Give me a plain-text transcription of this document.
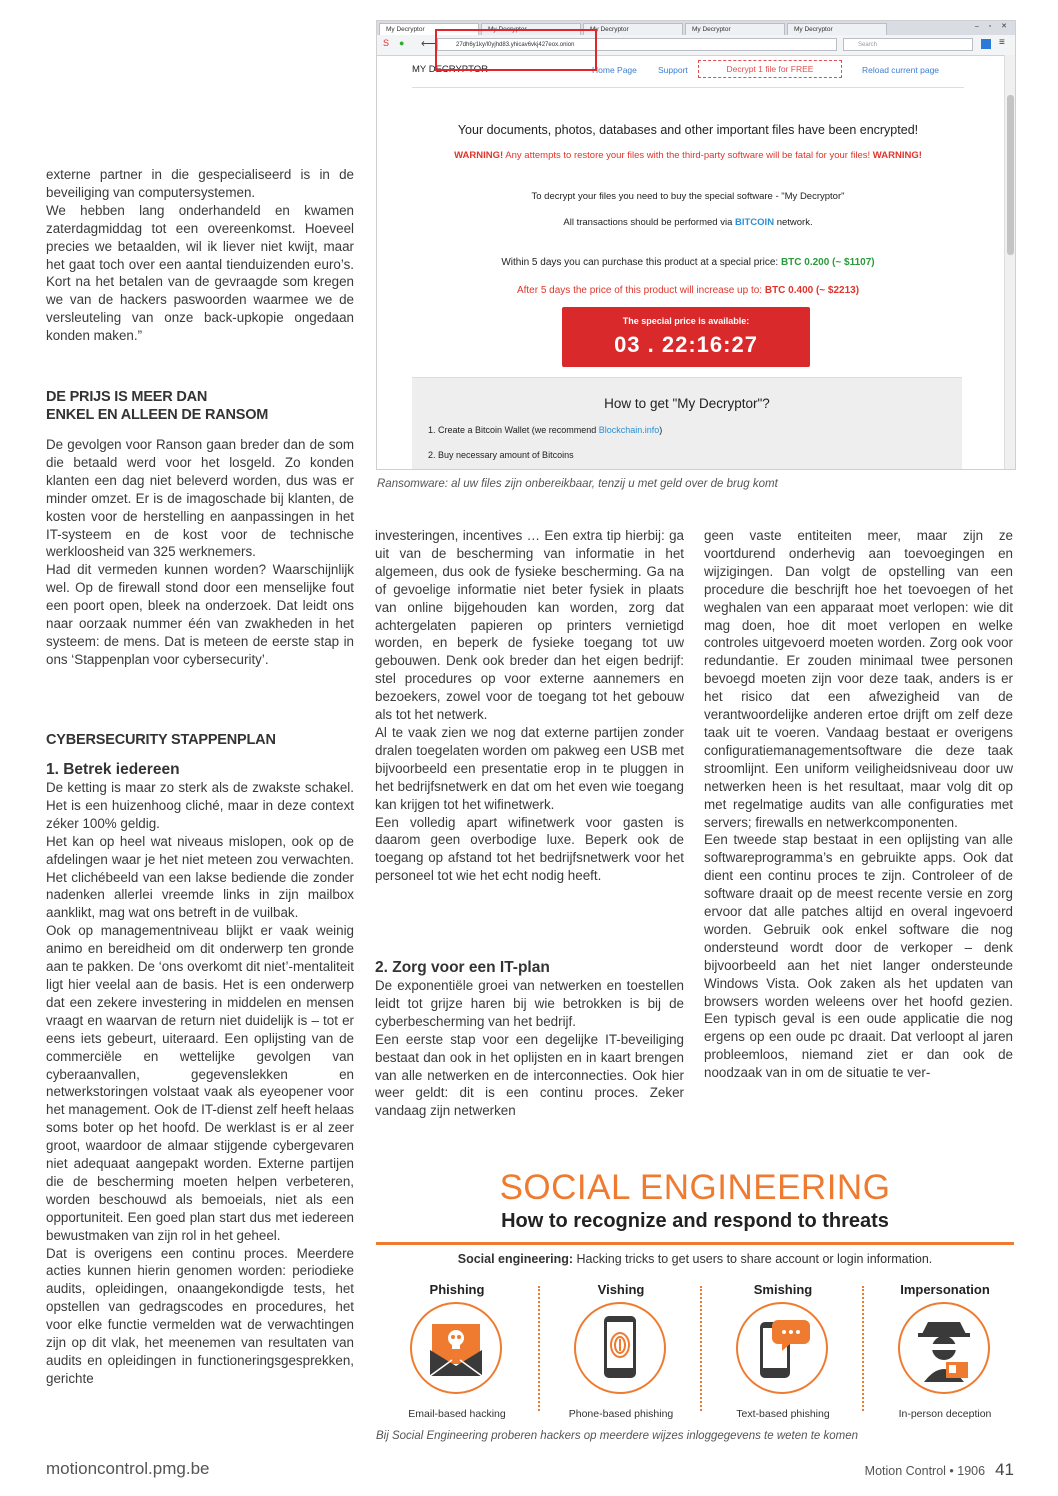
My Decryptor	My Decryptor	My Decryptor	My Decryptor	My Decryptor	– ▫ ✕
S ● ⟵	27dh6y1ky/l0yjhd83.yhicav6vkj427eox.onion	Search	≡
MY DECRYPTOR	Home Page Support	Decrypt 1 file for FREE	Reload current page
Your documents, photos, databases and other important files have been encrypted!
WARNING! Any attempts to restore your files with the third-party software will be fatal for your files! WARNING!
To decrypt your files you need to buy the special software - "My Decryptor"
All transactions should be performed via BITCOIN network.
Within 5 days you can purchase this product at a special price: BTC 0.200 (~ $1107)
After 5 days the price of this product will increase up to: BTC 0.400 (~ $2213)
The special price is available:
03 . 22:16:27
How to get "My Decryptor"?
1. Create a Bitcoin Wallet (we recommend Blockchain.info)
2. Buy necessary amount of Bitcoins
Ransomware: al uw files zijn onbereikbaar, tenzij u met geld over de brug komt

externe partner in die gespecialiseerd is in de beveiliging van computersystemen.

We hebben lang onderhandeld en kwamen zaterdagmiddag tot een overeenkomst. Hoeveel precies we betaalden, wil ik liever niet kwijt, maar het gaat toch over een aantal tienduizenden euro’s. Kort na het betalen van de gevraagde som kregen we van de hackers paswoorden waarmee we de versleuteling van onze back-upkopie ongedaan konden maken.”

DE PRIJS IS MEER DAN
ENKEL EN ALLEEN DE RANSOM

De gevolgen voor Ranson gaan breder dan de som die betaald werd voor het losgeld. Zo konden klanten een dag niet beleverd worden, dus was er minder omzet. Er is de imagoschade bij klanten, de kosten voor de herstelling en aanpassingen in het IT-systeem en de kost voor de technische werkloosheid van 325 werknemers.

Had dit vermeden kunnen worden? Waarschijnlijk wel. Op de firewall stond door een menselijke fout een poort open, bleek na onderzoek. Dat leidt ons naar oorzaak nummer één van zwakheden in het systeem: de mens. Dat is meteen de eerste stap in ons ‘Stappenplan voor cybersecurity’.

CYBERSECURITY STAPPENPLAN
1. Betrek iedereen

De ketting is maar zo sterk als de zwakste schakel. Het is een huizenhoog cliché, maar in deze context zéker 100% geldig.

Het kan op heel wat niveaus mislopen, ook op de afdelingen waar je het niet meteen zou verwachten. Het clichébeeld van een lakse bediende die zonder nadenken allerlei vreemde links in zijn mailbox aanklikt, mag wat ons betreft in de vuilbak.

Ook op managementniveau blijkt er vaak weinig animo en bereidheid om dit onderwerp ten gronde aan te pakken. De ‘ons overkomt dit niet’-mentaliteit ligt hier veelal aan de basis. Het is een onderwerp dat een zekere investering in middelen en mensen vraagt en waarvan de return niet duidelijk is – tot er eens iets gebeurt, uiteraard. Een oplijsting van de commerciële en wettelijke gevolgen van cyberaanvallen, gegevenslekken en netwerkstoringen volstaat vaak als eyeopener voor het management. Ook de IT-dienst zelf heeft helaas soms boter op het hoofd. De werklast is er al zeer groot, waardoor de almaar stijgende cybergevaren niet adequaat aangepakt worden. Externe partijen die de bescherming moeten helpen verbeteren, worden beschouwd als bemoeials, niet als een opportuniteit. Een goed plan start dus met iedereen bewustmaken van zijn rol in het geheel.

Dat is overigens een continu proces. Meerdere acties kunnen hierin genomen worden: periodieke audits, opleidingen, onaangekondigde tests, het opstellen van gedragscodes en procedures, het voor elke functie vermelden wat de verwachtingen zijn op dit vlak, het meenemen van resultaten van audits en opleidingen in functioneringsgesprekken, gerichte

investeringen, incentives … Een extra tip hierbij: ga uit van de bescherming van informatie in het algemeen, dus ook de fysieke bescherming. Ga na of gevoelige informatie niet beter fysiek in plaats van online bijgehouden kan worden, zorg dat achtergelaten papieren op printers vernietigd worden, en beperk de fysieke toegang tot uw gebouwen. Denk ook breder dan het eigen bedrijf: stel procedures op voor externe aannemers en bezoekers, zowel voor de toegang tot het gebouw als tot het netwerk.

Al te vaak zien we nog dat externe partijen zonder dralen toegelaten worden om pakweg een USB met bijvoorbeeld een presentatie erop in te pluggen in het bedrijfsnetwerk en dat om het even wie toegang kan krijgen tot het wifinetwerk.

Een volledig apart wifinetwerk voor gasten is daarom geen overbodige luxe. Beperk ook de toegang op afstand tot het bedrijfsnetwerk voor het personeel tot wie het echt nodig heeft.

2. Zorg voor een IT-plan

De exponentiële groei van netwerken en toestellen leidt tot grijze haren bij wie betrokken is bij de cyberbescherming van het bedrijf.

Een eerste stap voor een degelijke IT-beveiliging bestaat dan ook in het oplijsten en in kaart brengen van alle netwerken en de interconnecties. Ook hier weer geldt: dit is een continu proces. Zeker vandaag zijn netwerken

geen vaste entiteiten meer, maar zijn ze voortdurend onderhevig aan toevoegingen en wijzigingen. Dan volgt de opstelling van een procedure die beschrijft hoe het toevoegen of het weghalen van een apparaat moet verlopen: wie dit mag doen, hoe dit moet verlopen en welke controles uitgevoerd moeten worden. Zorg ook voor redundantie. Er zouden minimaal twee personen bevoegd moeten zijn voor deze taak, anders is er het risico dat een afwezigheid van de verantwoordelijke anderen ertoe drijft om zelf deze taak uit te voeren. Vandaag bestaat er overigens configuratiemanagementsoftware die deze taak stroomlijnt. Een uniform veiligheidsniveau door uw netwerken heen is het resultaat, maar volg dit op met regelmatige audits van alle configuraties met servers; firewalls en netwerkcomponenten.

Een tweede stap bestaat in een oplijsting van alle softwareprogramma’s en gebruikte apps. Ook dat dient een continu proces te zijn. Controleer of de software draait op de meest recente versie en zorg ervoor dat alle patches altijd en overal ingevoerd worden. Gebruik ook enkel software die nog ondersteund wordt door de verkoper – denk bijvoorbeeld aan het niet langer ondersteunde Windows Vista. Ook zaken als het updaten van browsers worden weleens over het hoofd gezien. Een typisch geval is een oude applicatie die nog ergens op een oude pc draait. Dat verloopt al jaren probleemloos, niemand ziet er dan ook de noodzaak van in om de situatie te ver-

SOCIAL ENGINEERING
How to recognize and respond to threats
Social engineering: Hacking tricks to get users to share account or login information.
Phishing
Email-based hacking
Vishing
Phone-based phishing
Smishing
Text-based phishing
Impersonation
In-person deception
Bij Social Engineering proberen hackers op meerdere wijzes inloggegevens te weten te komen
motioncontrol.pmg.be	Motion Control • 1906 41
